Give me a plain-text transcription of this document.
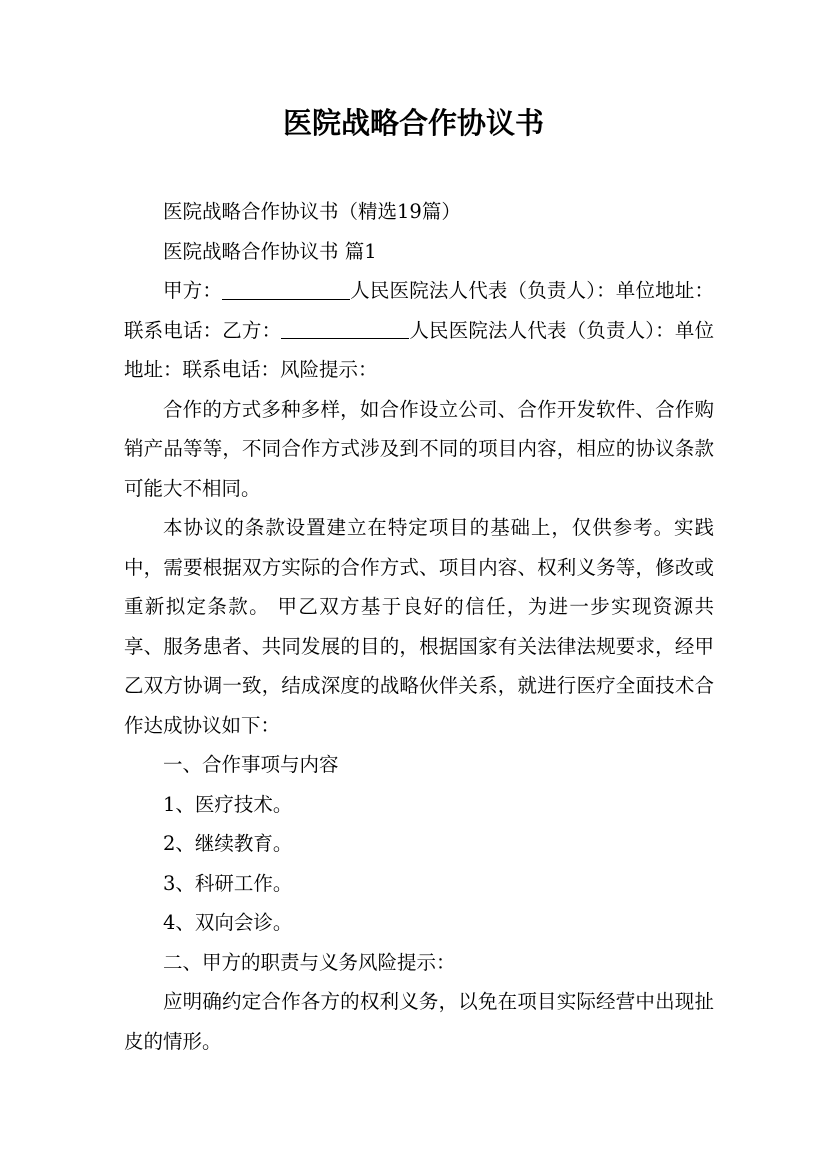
医院战略合作协议书

医院战略合作协议书（精选19篇）

医院战略合作协议书 篇1

甲方：	人民医院法人代表（负责人）：单位地址：联系电话：乙方：	人民医院法人代表（负责人）：单位地址：联系电话：风险提示：

合作的方式多种多样，如合作设立公司、合作开发软件、合作购销产品等等，不同合作方式涉及到不同的项目内容，相应的协议条款可能大不相同。

本协议的条款设置建立在特定项目的基础上，仅供参考。实践中，需要根据双方实际的合作方式、项目内容、权利义务等，修改或重新拟定条款。 甲乙双方基于良好的信任，为进一步实现资源共享、服务患者、共同发展的目的，根据国家有关法律法规要求，经甲乙双方协调一致，结成深度的战略伙伴关系，就进行医疗全面技术合作达成协议如下：

一、合作事项与内容

1、医疗技术。

2、继续教育。

3、科研工作。

4、双向会诊。

二、甲方的职责与义务风险提示：

应明确约定合作各方的权利义务，以免在项目实际经营中出现扯皮的情形。
